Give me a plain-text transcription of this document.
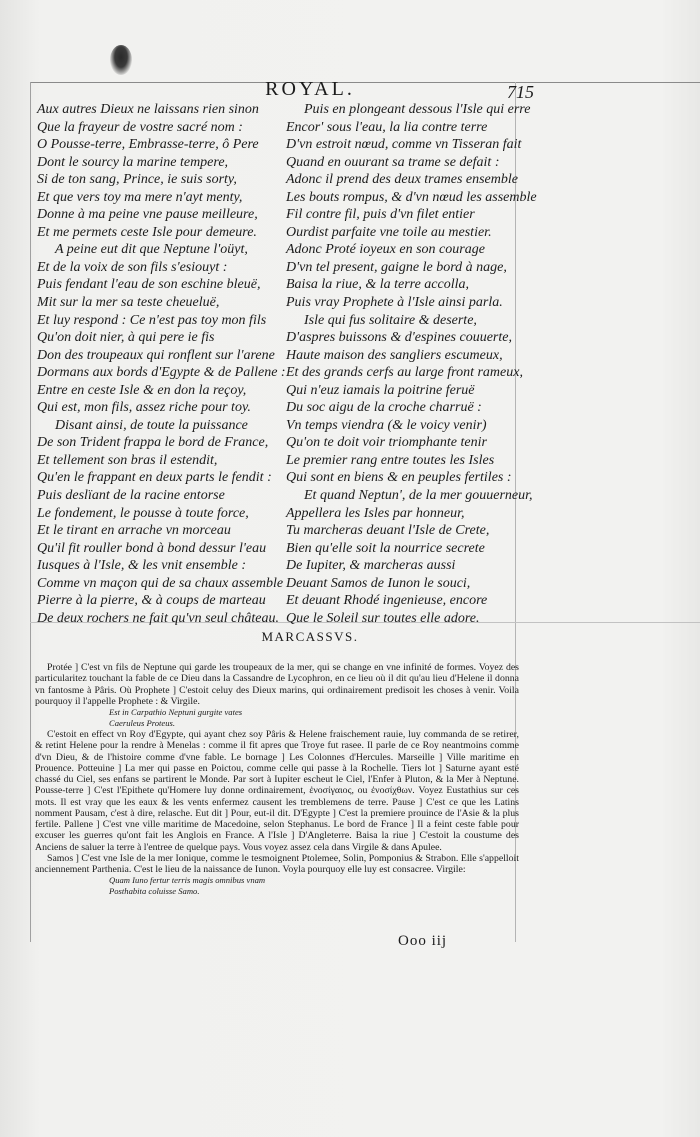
ROYAL.	715
Aux autres Dieux ne laissans rien sinon
Que la frayeur de vostre sacré nom :
O Pousse-terre, Embrasse-terre, ô Pere
Dont le sourcy la marine tempere,
Si de ton sang, Prince, ie suis sorty,
Et que vers toy ma mere n'ayt menty,
Donne à ma peine vne pause meilleure,
Et me permets ceste Isle pour demeure.
A peine eut dit que Neptune l'oüyt,
Et de la voix de son fils s'esiouyt :
Puis fendant l'eau de son eschine bleuë,
Mit sur la mer sa teste cheueluë,
Et luy respond : Ce n'est pas toy mon fils
Qu'on doit nier, à qui pere ie fis
Don des troupeaux qui ronflent sur l'arene
Dormans aux bords d'Egypte & de Pallene :
Entre en ceste Isle & en don la reçoy,
Qui est, mon fils, assez riche pour toy.
Disant ainsi, de toute la puissance
De son Trident frappa le bord de France,
Et tellement son bras il estendit,
Qu'en le frappant en deux parts le fendit :
Puis deslïant de la racine entorse
Le fondement, le pousse à toute force,
Et le tirant en arrache vn morceau
Qu'il fit rouller bond à bond dessur l'eau
Iusques à l'Isle, & les vnit ensemble :
Comme vn maçon qui de sa chaux assemble
Pierre à la pierre, & à coups de marteau
De deux rochers ne fait qu'vn seul château.
Puis en plongeant dessous l'Isle qui erre
Encor' sous l'eau, la lia contre terre
D'vn estroit nœud, comme vn Tisseran fait
Quand en ouurant sa trame se defait :
Adonc il prend des deux trames ensemble
Les bouts rompus, & d'vn nœud les assemble
Fil contre fil, puis d'vn filet entier
Ourdist parfaite vne toile au mestier.
Adonc Proté ioyeux en son courage
D'vn tel present, gaigne le bord à nage,
Baisa la riue, & la terre accolla,
Puis vray Prophete à l'Isle ainsi parla.
Isle qui fus solitaire & deserte,
D'aspres buissons & d'espines couuerte,
Haute maison des sangliers escumeux,
Et des grands cerfs au large front rameux,
Qui n'euz iamais la poitrine feruë
Du soc aigu de la croche charruë :
Vn temps viendra (& le voicy venir)
Qu'on te doit voir triomphante tenir
Le premier rang entre toutes les Isles
Qui sont en biens & en peuples fertiles :
Et quand Neptun', de la mer gouuerneur,
Appellera les Isles par honneur,
Tu marcheras deuant l'Isle de Crete,
Bien qu'elle soit la nourrice secrete
De Iupiter, & marcheras aussi
Deuant Samos de Iunon le souci,
Et deuant Rhodé ingenieuse, encore
Que le Soleil sur toutes elle adore.
MARCASSVS.

Protée ] C'est vn fils de Neptune qui garde les troupeaux de la mer, qui se change en vne infinité de formes. Voyez des particularitez touchant la fable de ce Dieu dans la Cassandre de Lycophron, en ce lieu où il dit qu'au lieu d'Helene il donna vn fantosme à Pâris. Où Prophete ] C'estoit celuy des Dieux marins, qui ordinairement predisoit les choses à venir. Voila pourquoy il l'appelle Prophete : & Virgile.

Est in Carpathio Neptuni gurgite vates
Caeruleus Proteus.

C'estoit en effect vn Roy d'Egypte, qui ayant chez soy Pâris & Helene fraischement rauie, luy commanda de se retirer, & retint Helene pour la rendre à Menelas : comme il fit apres que Troye fut rasee. Il parle de ce Roy neantmoins comme d'vn Dieu, & de l'histoire comme d'vne fable. Le bornage ] Les Colonnes d'Hercules. Marseille ] Ville maritime en Prouence. Potteuine ] La mer qui passe en Poictou, comme celle qui passe à la Rochelle. Tiers lot ] Saturne ayant esté chassé du Ciel, ses enfans se partirent le Monde. Par sort à Iupiter escheut le Ciel, l'Enfer à Pluton, & la Mer à Neptune. Pousse-terre ] C'est l'Epithete qu'Homere luy donne ordinairement, ἐνοσίγαιος, ou ἐνοσίχθων. Voyez Eustathius sur ces mots. Il est vray que les eaux & les vents enfermez causent les tremblemens de terre. Pause ] C'est ce que les Latins nomment Pausam, c'est à dire, relasche. Eut dit ] Pour, eut-il dit. D'Egypte ] C'est la premiere prouince de l'Asie & la plus fertile. Pallene ] C'est vne ville maritime de Macedoine, selon Stephanus. Le bord de France ] Il a feint ceste fable pour excuser les guerres qu'ont fait les Anglois en France. A l'Isle ] D'Angleterre. Baisa la riue ] C'estoit la coustume des Anciens de saluer la terre à l'entree de quelque pays. Vous voyez assez cela dans Virgile & dans Apulee.

Samos ] C'est vne Isle de la mer Ionique, comme le tesmoignent Ptolemee, Solin, Pomponius & Strabon. Elle s'appelloit anciennement Parthenia. C'est le lieu de la naissance de Iunon. Voyla pourquoy elle luy est consacree. Virgile:

Quam Iuno fertur terris magis omnibus vnam
Posthabita coluisse Samo.
Ooo iij
